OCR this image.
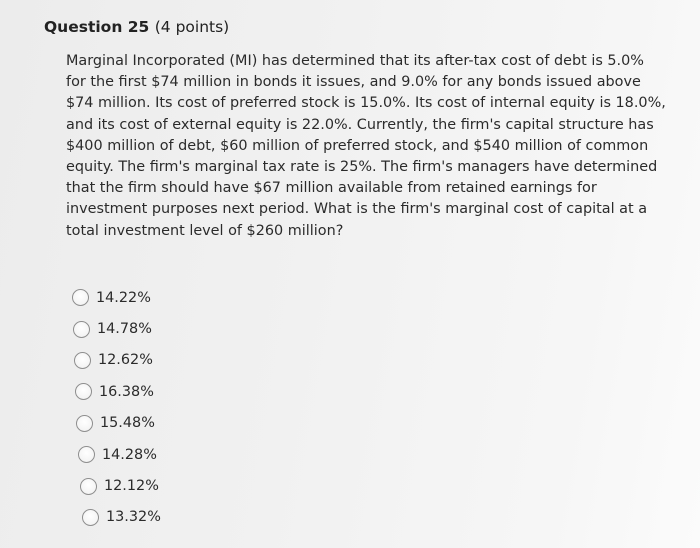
Question 25 (4 points)

Marginal Incorporated (MI) has determined that its after-tax cost of debt is 5.0% for the first $74 million in bonds it issues, and 9.0% for any bonds issued above $74 million. Its cost of preferred stock is 15.0%. Its cost of internal equity is 18.0%, and its cost of external equity is 22.0%. Currently, the firm's capital structure has $400 million of debt, $60 million of preferred stock, and $540 million of common equity. The firm's marginal tax rate is 25%. The firm's managers have determined that the firm should have $67 million available from retained earnings for investment purposes next period. What is the firm's marginal cost of capital at a total investment level of $260 million?

14.22%
14.78%
12.62%
16.38%
15.48%
14.28%
12.12%
13.32%
